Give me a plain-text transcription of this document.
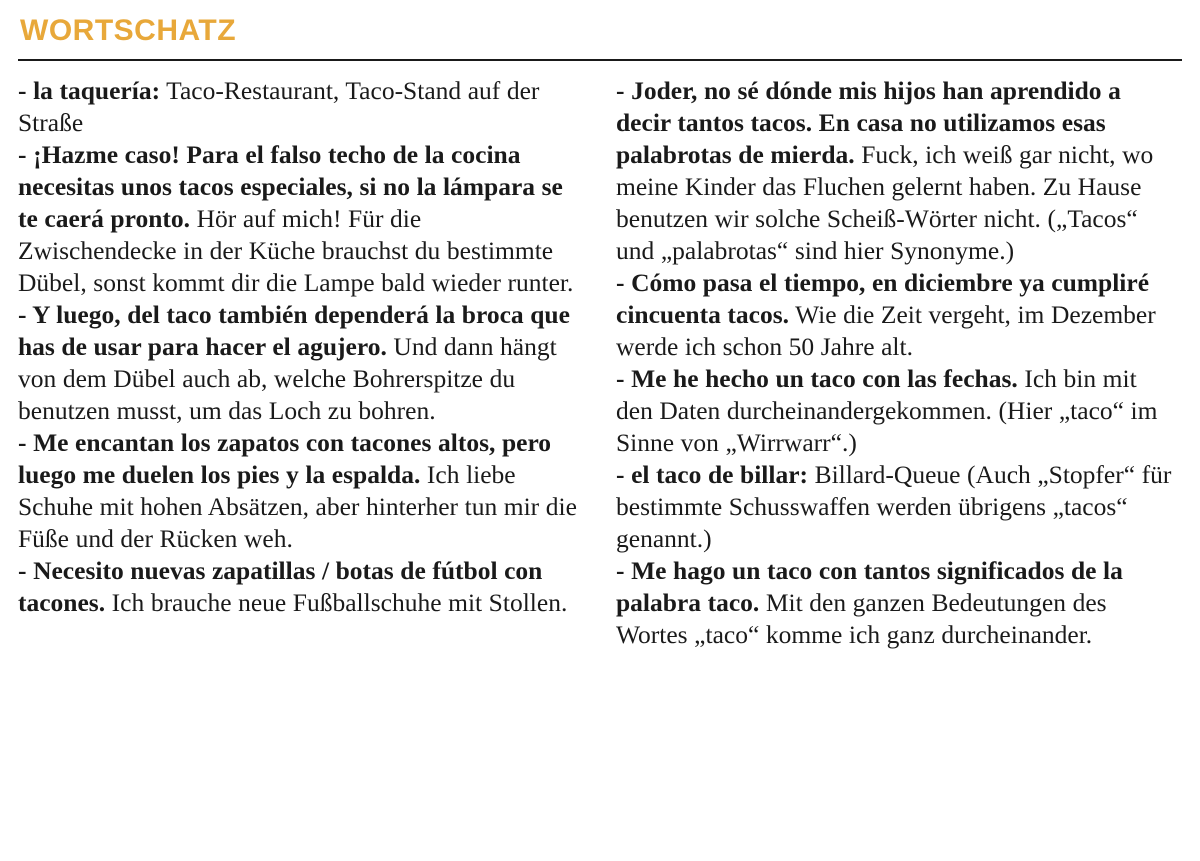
WORTSCHATZ

- la taquería: Taco-Restaurant, Taco-Stand auf der Straße

- ¡Hazme caso! Para el falso techo de la cocina necesitas unos tacos especiales, si no la lámpara se te caerá pronto. Hör auf mich! Für die Zwischendecke in der Küche brauchst du bestimmte Dübel, sonst kommt dir die Lampe bald wieder runter.

- Y luego, del taco también dependerá la broca que has de usar para hacer el agujero. Und dann hängt von dem Dübel auch ab, welche Bohrerspitze du benutzen musst, um das Loch zu bohren.

- Me encantan los zapatos con tacones altos, pero luego me duelen los pies y la espalda. Ich liebe Schuhe mit hohen Absätzen, aber hinterher tun mir die Füße und der Rücken weh.

- Necesito nuevas zapatillas / botas de fútbol con tacones. Ich brauche neue Fußballschuhe mit Stollen.

- Joder, no sé dónde mis hijos han aprendido a decir tantos tacos. En casa no utilizamos esas palabrotas de mierda. Fuck, ich weiß gar nicht, wo meine Kinder das Fluchen gelernt haben. Zu Hause benutzen wir solche Scheiß-Wörter nicht. („Tacos“ und „palabrotas“ sind hier Synonyme.)

- Cómo pasa el tiempo, en diciembre ya cumpliré cincuenta tacos. Wie die Zeit vergeht, im Dezember werde ich schon 50 Jahre alt.

- Me he hecho un taco con las fechas. Ich bin mit den Daten durcheinandergekommen. (Hier „taco“ im Sinne von „Wirrwarr“.)

- el taco de billar: Billard-Queue (Auch „Stopfer“ für bestimmte Schusswaffen werden übrigens „tacos“ genannt.)

- Me hago un taco con tantos significados de la palabra taco. Mit den ganzen Bedeutungen des Wortes „taco“ komme ich ganz durcheinander.
